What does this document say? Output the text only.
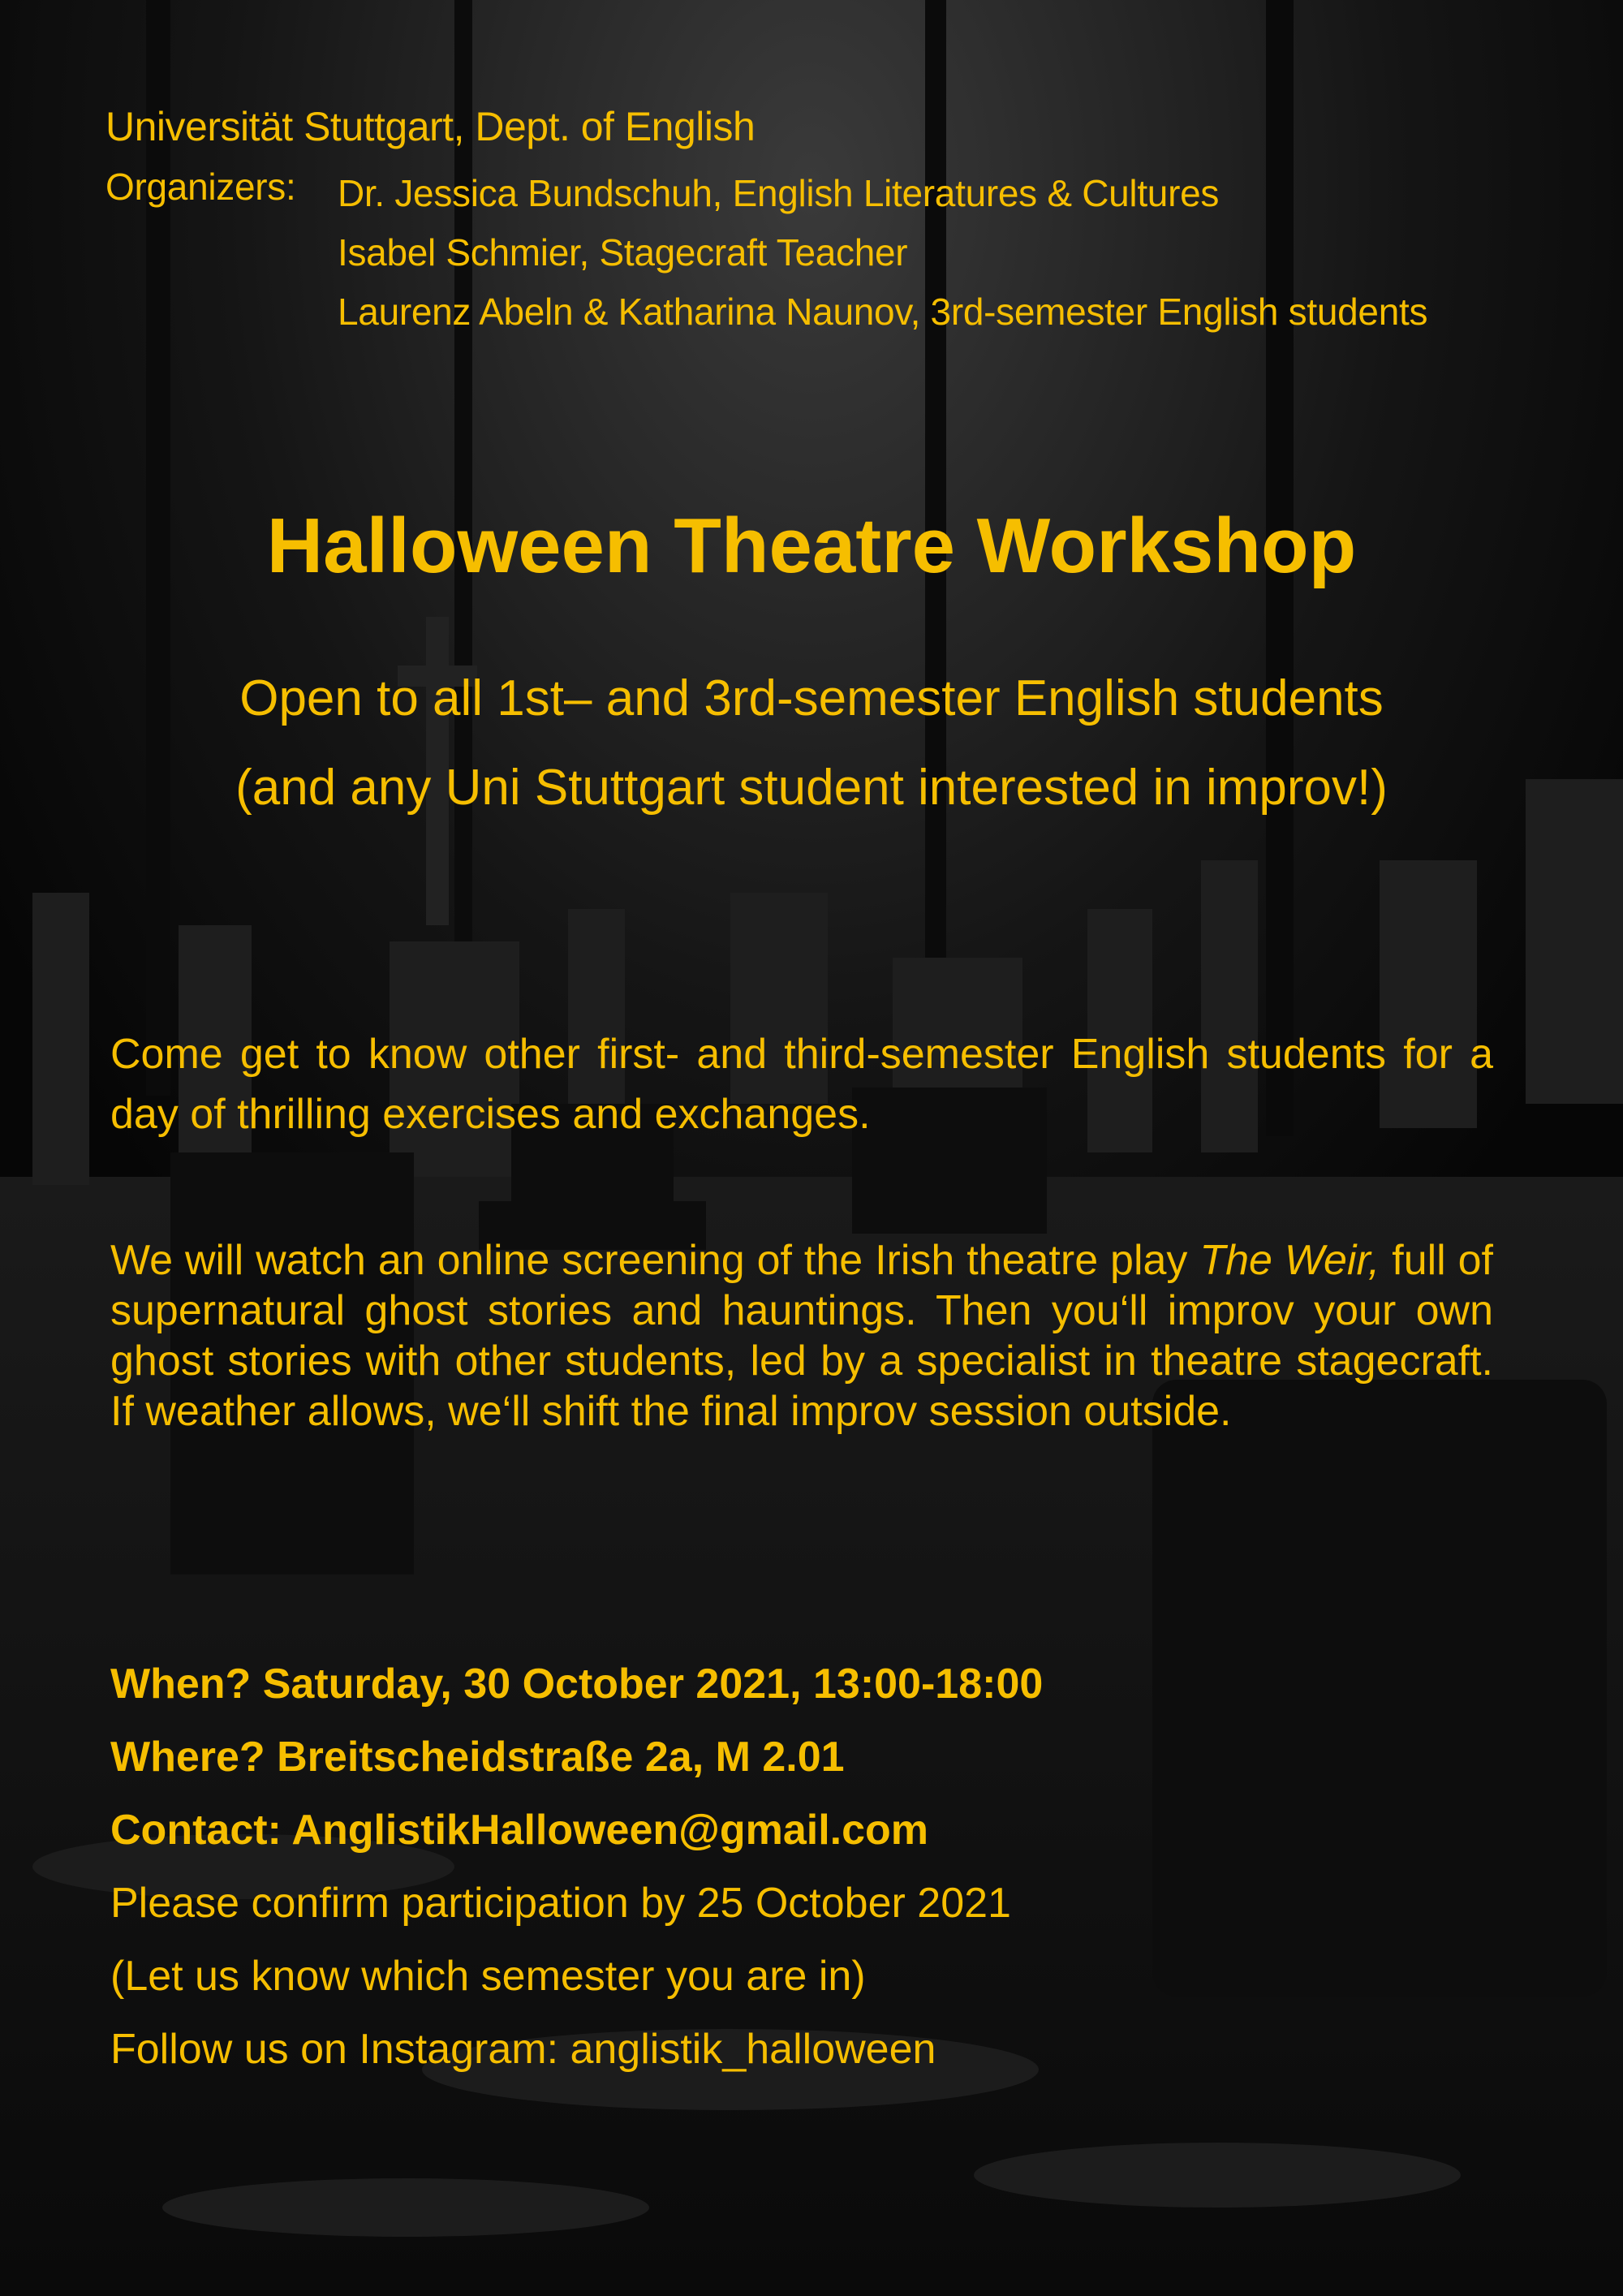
Universität Stuttgart, Dept. of English
Organizers: Dr. Jessica Bundschuh, English Literatures & Cultures
Isabel Schmier, Stagecraft Teacher
Laurenz Abeln & Katharina Naunov, 3rd-semester English students
Halloween Theatre Workshop
Open to all 1st– and 3rd-semester English students
(and any Uni Stuttgart student interested in improv!)

Come get to know other first- and third-semester English students for a day of thrilling exercises and exchanges.

We will watch an online screening of the Irish theatre play The Weir, full of supernatural ghost stories and hauntings. Then you‘ll improv your own ghost stories with other students, led by a specialist in theatre stagecraft. If weather allows, we‘ll shift the final improv session outside.

When? Saturday, 30 October 2021, 13:00-18:00
Where? Breitscheidstraße 2a, M 2.01
Contact: AnglistikHalloween@gmail.com
Please confirm participation by 25 October 2021
(Let us know which semester you are in)
Follow us on Instagram: anglistik_halloween
